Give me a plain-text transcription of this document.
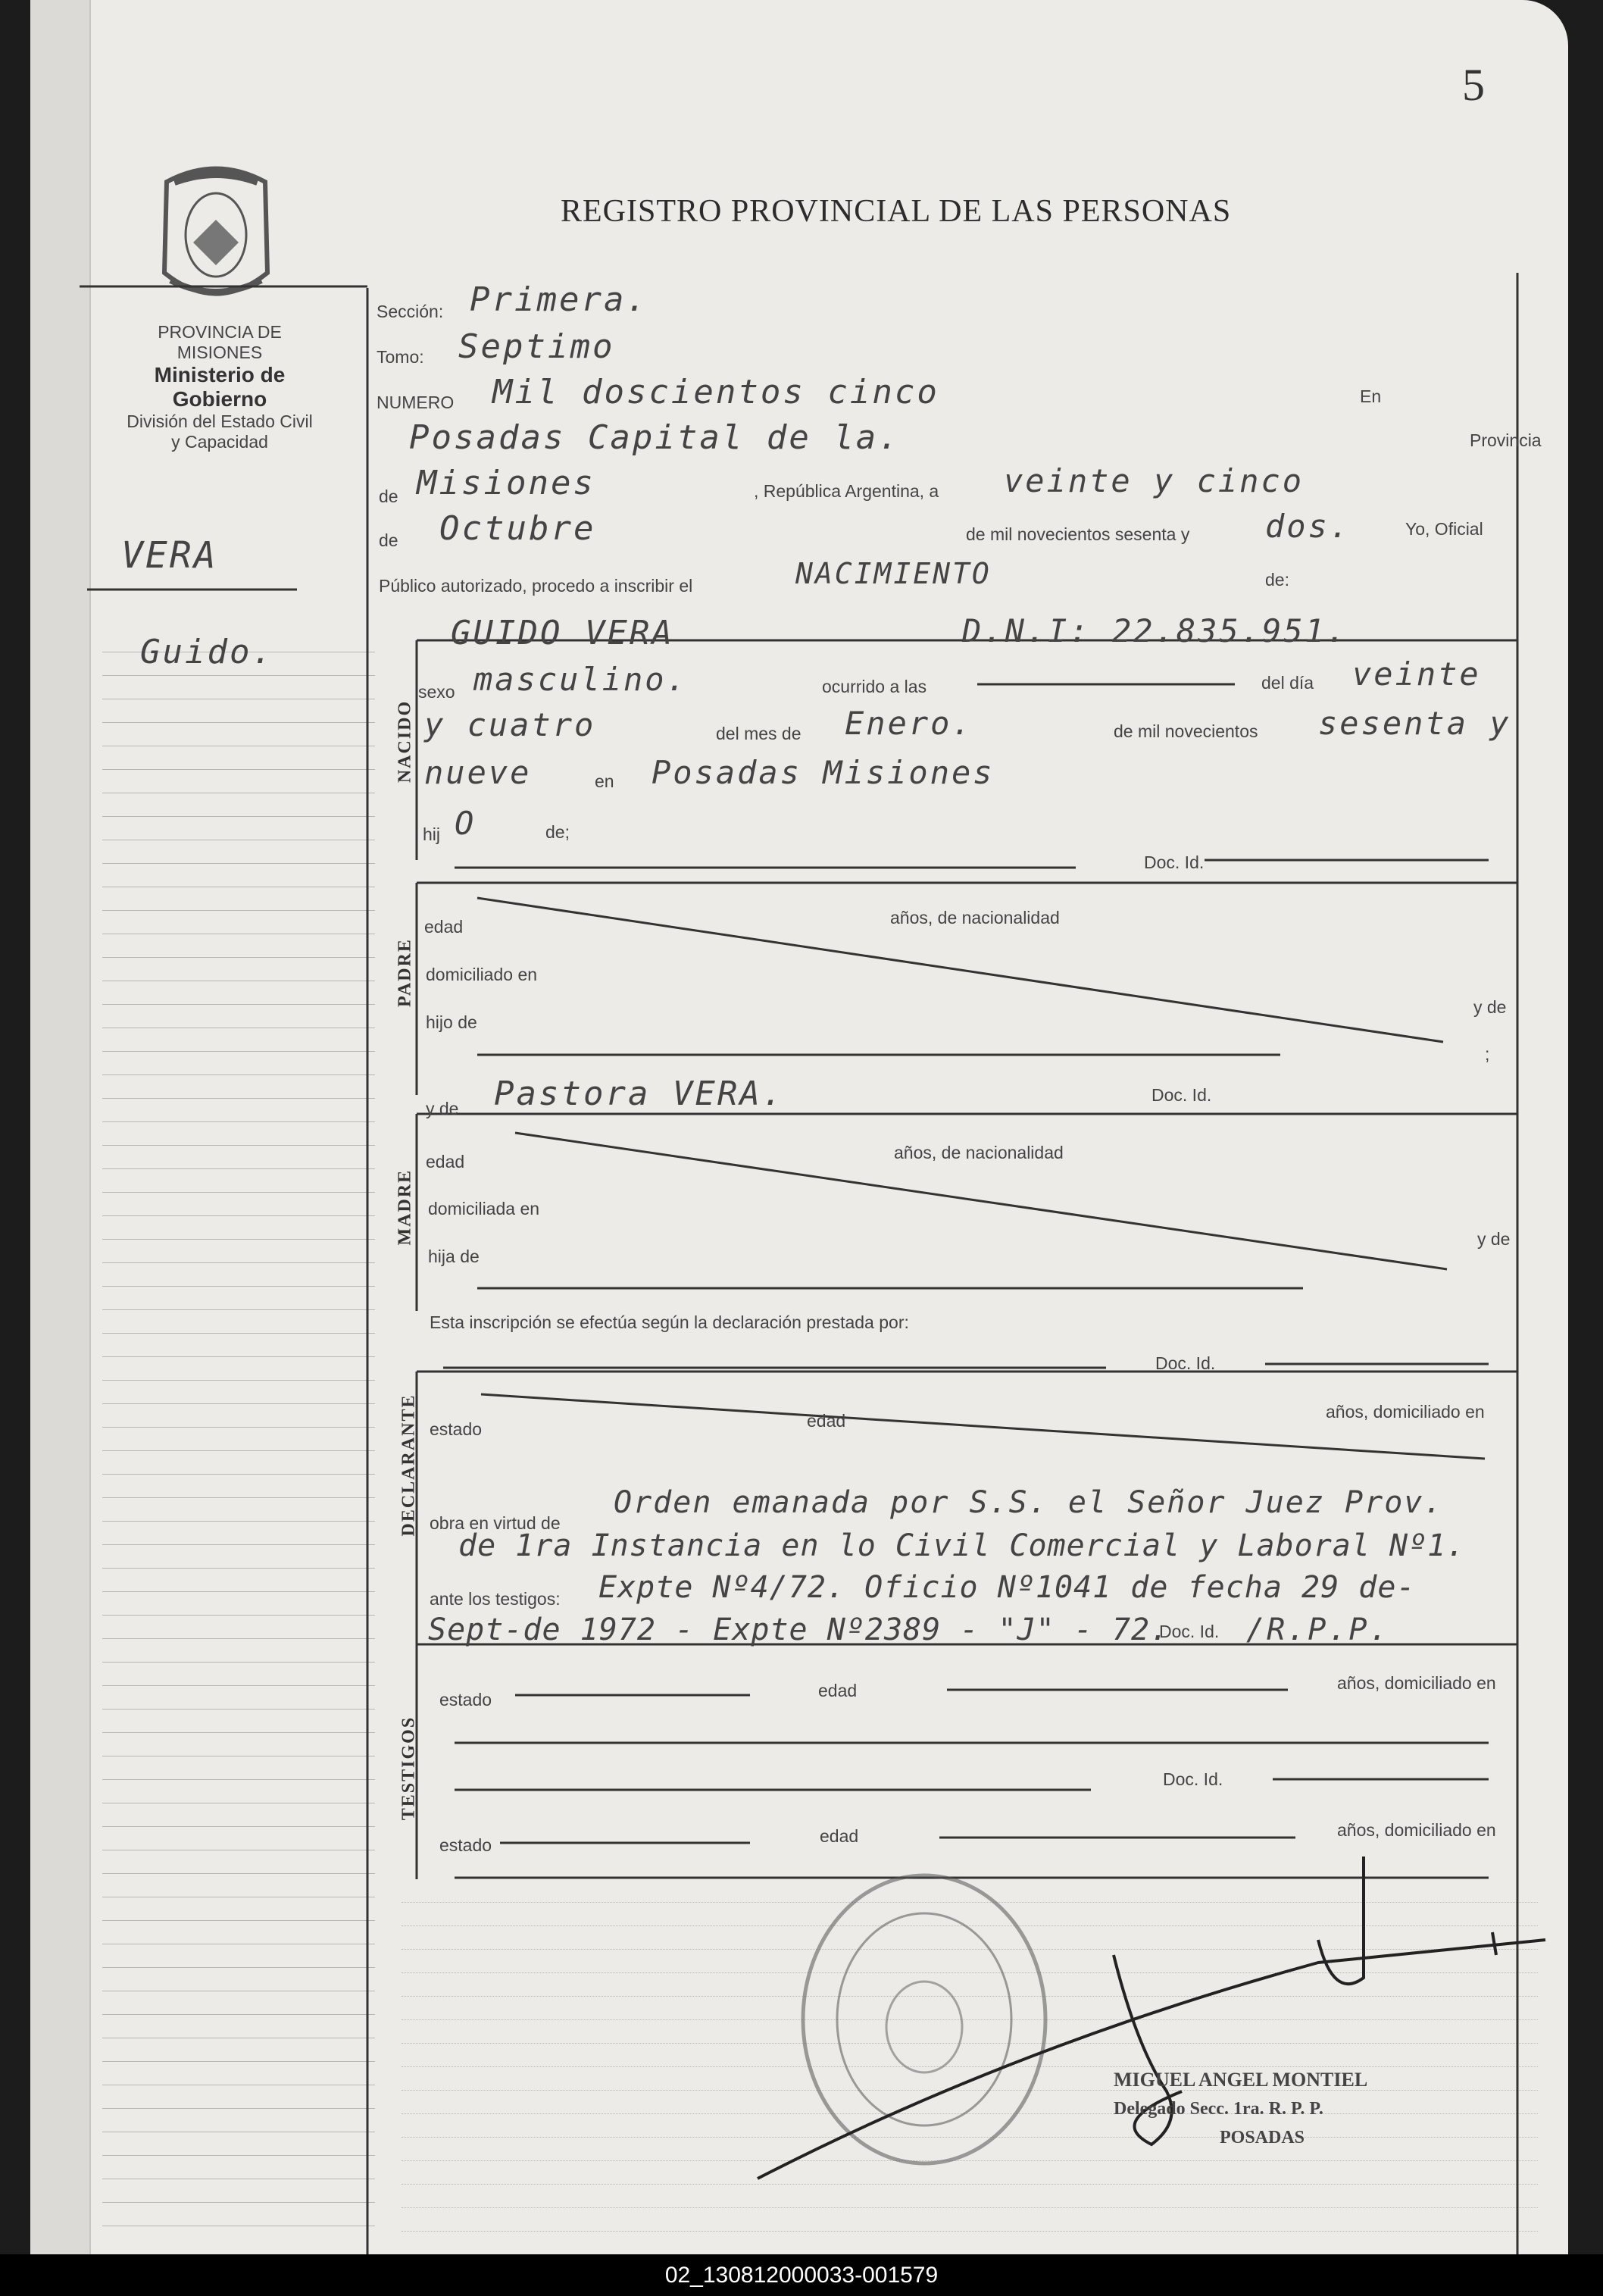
5
PROVINCIA DE MISIONES
Ministerio de Gobierno
División del Estado Civil
y Capacidad
REGISTRO PROVINCIAL DE LAS PERSONAS
VERA
Guido.
Sección: Primera.
Tomo: Septimo
NUMERO Mil doscientos cinco	En
Posadas Capital de la.	Provincia
de Misiones	, República Argentina, a veinte y cinco
de Octubre	de mil novecientos sesenta y dos.	Yo, Oficial
Público autorizado, procedo a inscribir el	NACIMIENTO	de:
NACIDO
GUIDO VERA	D.N.I: 22.835.951.
sexo masculino.	ocurrido a las	del día veinte
y cuatro	del mes de Enero.	de mil novecientos sesenta y
nueve	en Posadas Misiones
hij O	de;
Doc. Id.
PADRE
edad	años, de nacionalidad
domiciliado en
hijo de
y de
;
y de Pastora VERA.	Doc. Id.
MADRE
edad	años, de nacionalidad
domiciliada en
hija de
y de
Esta inscripción se efectúa según la declaración prestada por:
Doc. Id.
DECLARANTE estado	edad	años, domiciliado en
obra en virtud de
Orden emanada por S.S. el Señor Juez Prov.
de 1ra Instancia en lo Civil Comercial y Laboral Nº1.
ante los testigos: Expte Nº4/72. Oficio Nº1041 de fecha 29 de-
Sept-de 1972 - Expte Nº2389 - "J" - 72.
Doc. Id. /R.P.P.
TESTIGOS
estado	edad	años, domiciliado en
Doc. Id.
estado	edad	años, domiciliado en
MIGUEL ANGEL MONTIEL
Delegado Secc. 1ra. R. P. P.
POSADAS
02_130812000033-001579
